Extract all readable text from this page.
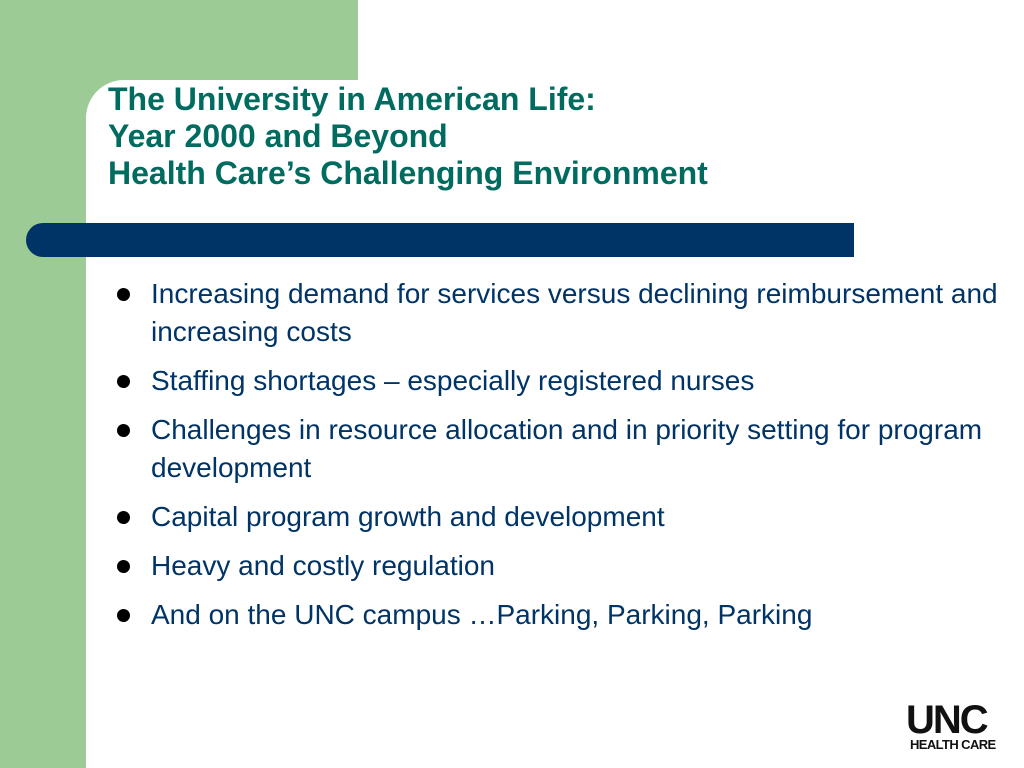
The University in American Life:
Year 2000 and Beyond
Health Care’s Challenging Environment
Increasing demand for services versus declining reimbursement and increasing costs
Staffing shortages – especially registered nurses
Challenges in resource allocation and in priority setting for program development
Capital program growth and development
Heavy and costly regulation
And on the UNC campus …Parking, Parking, Parking
UNC
HEALTH CARE
